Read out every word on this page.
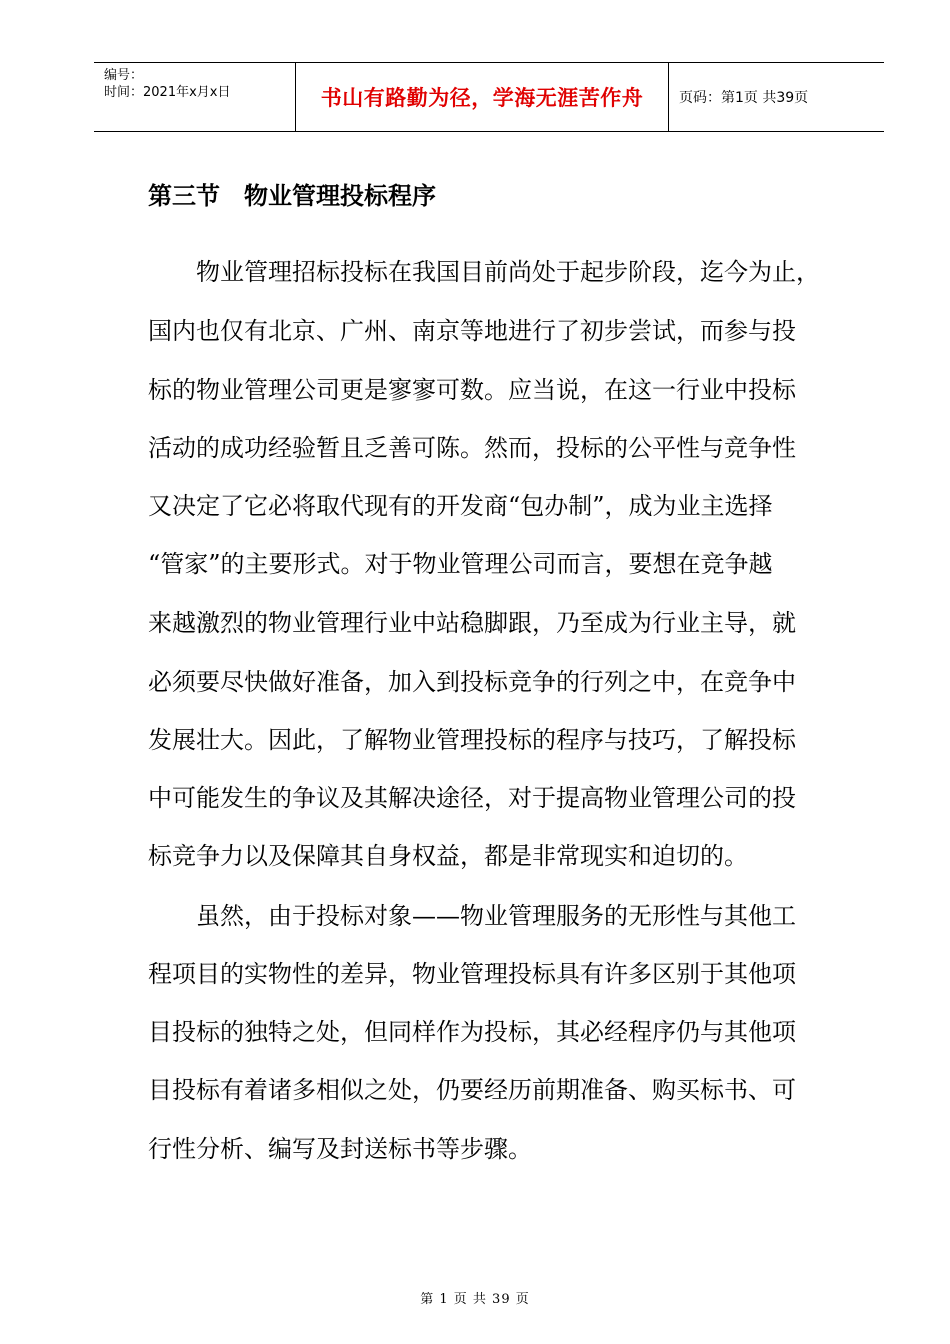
编号：
时间：2021年x月x日	书山有路勤为径，学海无涯苦作舟	页码：第1页 共39页
第三节　物业管理投标程序
　　物业管理招标投标在我国目前尚处于起步阶段，迄今为止，
国内也仅有北京、广州、南京等地进行了初步尝试，而参与投
标的物业管理公司更是寥寥可数。应当说，在这一行业中投标
活动的成功经验暂且乏善可陈。然而，投标的公平性与竞争性
又决定了它必将取代现有的开发商“包办制”，成为业主选择
“管家”的主要形式。对于物业管理公司而言，要想在竞争越
来越激烈的物业管理行业中站稳脚跟，乃至成为行业主导，就
必须要尽快做好准备，加入到投标竞争的行列之中，在竞争中
发展壮大。因此，了解物业管理投标的程序与技巧，了解投标
中可能发生的争议及其解决途径，对于提高物业管理公司的投
标竞争力以及保障其自身权益，都是非常现实和迫切的。
　　虽然，由于投标对象——物业管理服务的无形性与其他工
程项目的实物性的差异，物业管理投标具有许多区别于其他项
目投标的独特之处，但同样作为投标，其必经程序仍与其他项
目投标有着诸多相似之处，仍要经历前期准备、购买标书、可
行性分析、编写及封送标书等步骤。
第 1 页 共 39 页
